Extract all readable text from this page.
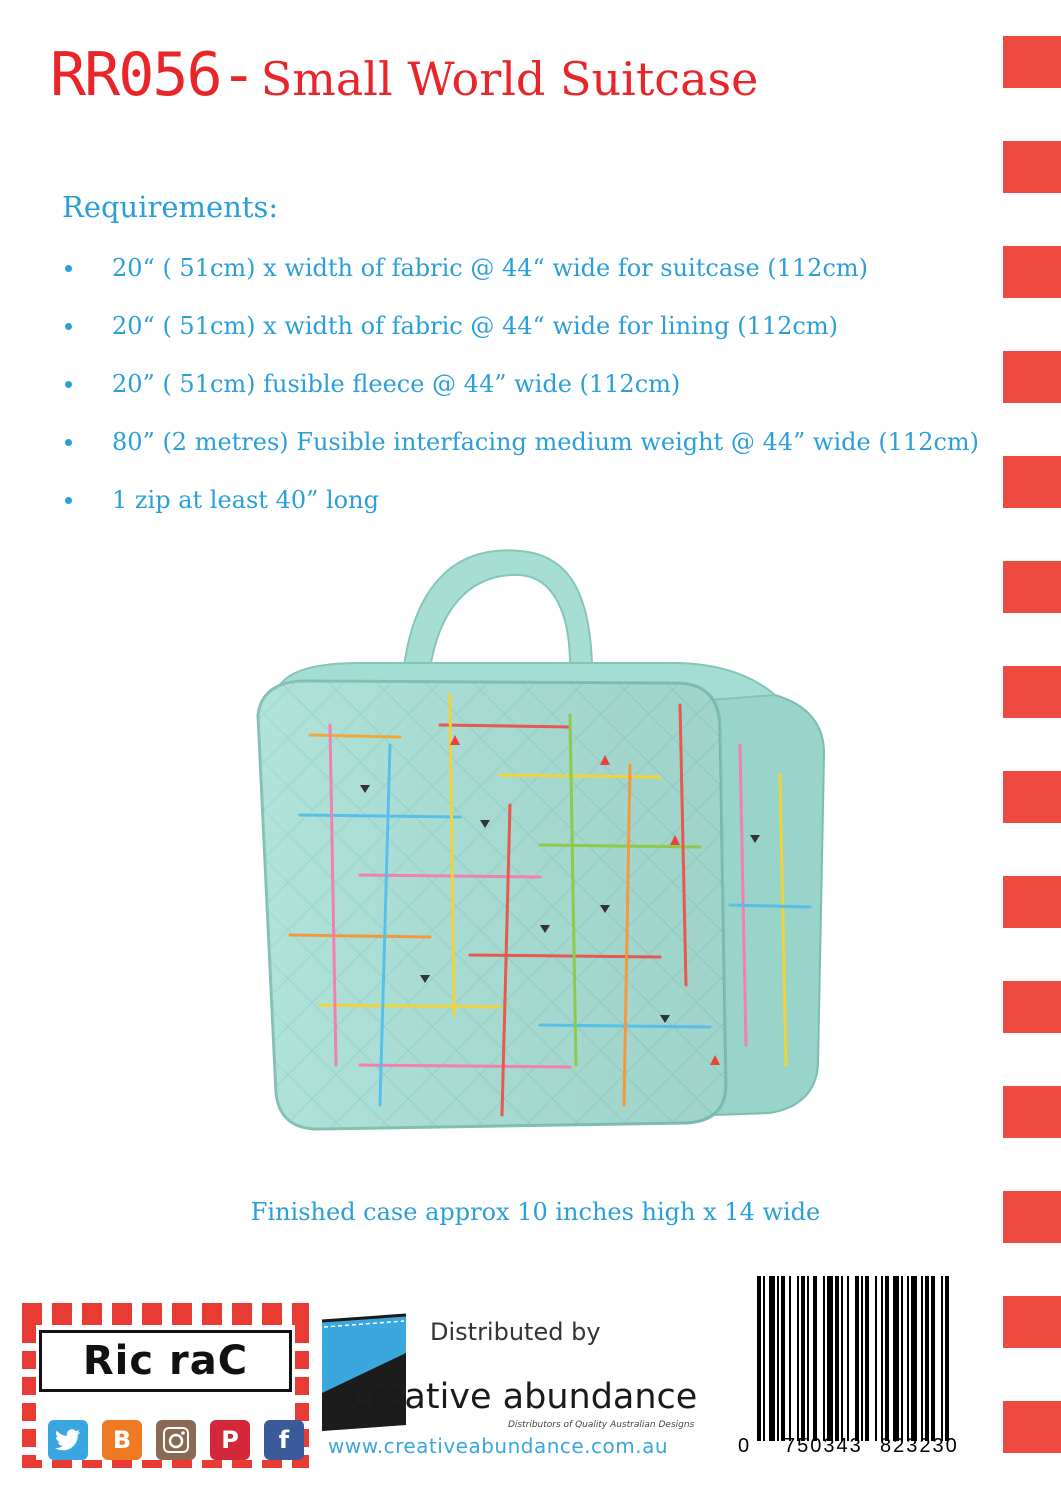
RR056- Small World Suitcase
Requirements:
20“ ( 51cm) x width of fabric @ 44“ wide for suitcase (112cm)
20“ ( 51cm) x width of fabric @ 44“ wide for lining (112cm)
20” ( 51cm) fusible fleece @ 44” wide (112cm)
80” (2 metres) Fusible interfacing medium weight @ 44” wide (112cm)
1 zip at least 40” long
Finished case approx 10 inches high x 14 wide
Ric raC
B	P	f
Distributed by
creative abundance
Distributors of Quality Australian Designs
www.creativeabundance.com.au	0 750343 823230
